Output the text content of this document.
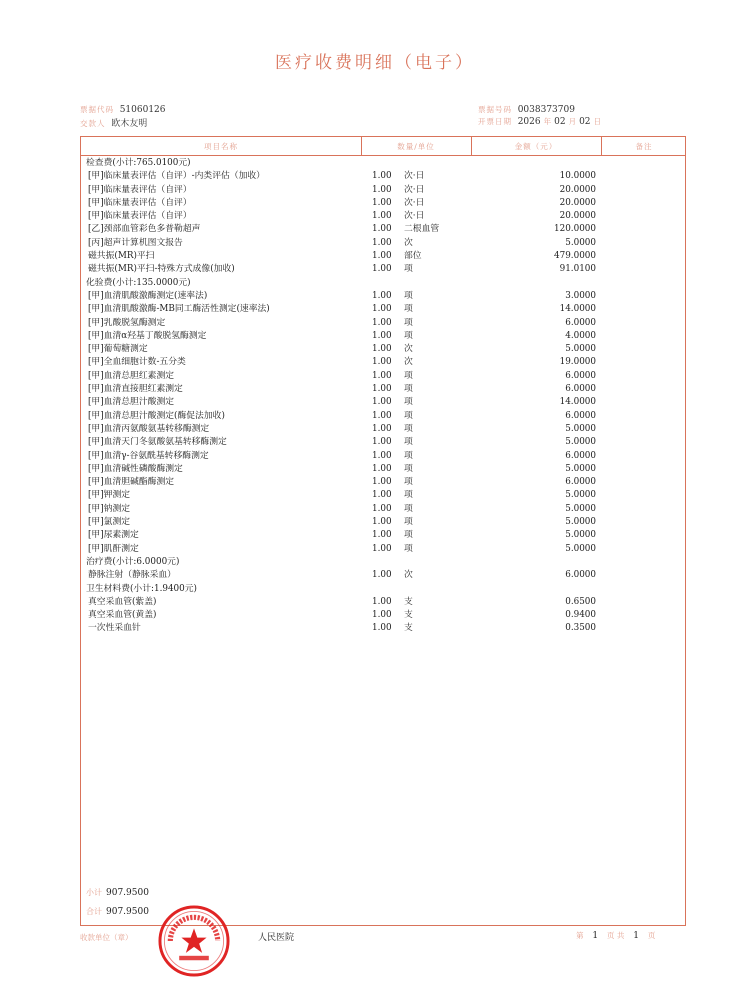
医疗收费明细（电子）
票据代码 51060126
交款人 欧木友明
票据号码 0038373709
开票日期 2026 年 02 月 02 日
项目名称	数量/单位	金额（元）	备注
检查费(小计:765.0100元)
[甲]临床量表评估（自评）-内类评估（加收）	1.00 次·日	10.0000
[甲]临床量表评估（自评）	1.00 次·日	20.0000
[甲]临床量表评估（自评）	1.00 次·日	20.0000
[甲]临床量表评估（自评）	1.00 次·日	20.0000
[乙]颈部血管彩色多普勒超声	1.00 二根血管	120.0000
[丙]超声计算机图文报告	1.00 次	5.0000
磁共振(MR)平扫	1.00 部位	479.0000
磁共振(MR)平扫-特殊方式成像(加收)	1.00 项	91.0100
化验费(小计:135.0000元)
[甲]血清肌酸激酶测定(速率法)	1.00 项	3.0000
[甲]血清肌酸激酶-MB同工酶活性测定(速率法)	1.00 项	14.0000
[甲]乳酸脱氢酶测定	1.00 项	6.0000
[甲]血清α羟基丁酸脱氢酶测定	1.00 项	4.0000
[甲]葡萄糖测定	1.00 次	5.0000
[甲]全血细胞计数-五分类	1.00 次	19.0000
[甲]血清总胆红素测定	1.00 项	6.0000
[甲]血清直接胆红素测定	1.00 项	6.0000
[甲]血清总胆汁酸测定	1.00 项	14.0000
[甲]血清总胆汁酸测定(酶促法加收)	1.00 项	6.0000
[甲]血清丙氨酸氨基转移酶测定	1.00 项	5.0000
[甲]血清天门冬氨酸氨基转移酶测定	1.00 项	5.0000
[甲]血清γ-谷氨酰基转移酶测定	1.00 项	6.0000
[甲]血清碱性磷酸酶测定	1.00 项	5.0000
[甲]血清胆碱酯酶测定	1.00 项	6.0000
[甲]钾测定	1.00 项	5.0000
[甲]钠测定	1.00 项	5.0000
[甲]氯测定	1.00 项	5.0000
[甲]尿素测定	1.00 项	5.0000
[甲]肌酐测定	1.00 项	5.0000
治疗费(小计:6.0000元)
静脉注射（静脉采血）	1.00 次	6.0000
卫生材料费(小计:1.9400元)
真空采血管(紫盖)	1.00 支	0.6500
真空采血管(黄盖)	1.00 支	0.9400
一次性采血针	1.00 支	0.3500
小计 907.9500
合计 907.9500
收款单位（章）	人民医院	第 1 页 共 1 页
